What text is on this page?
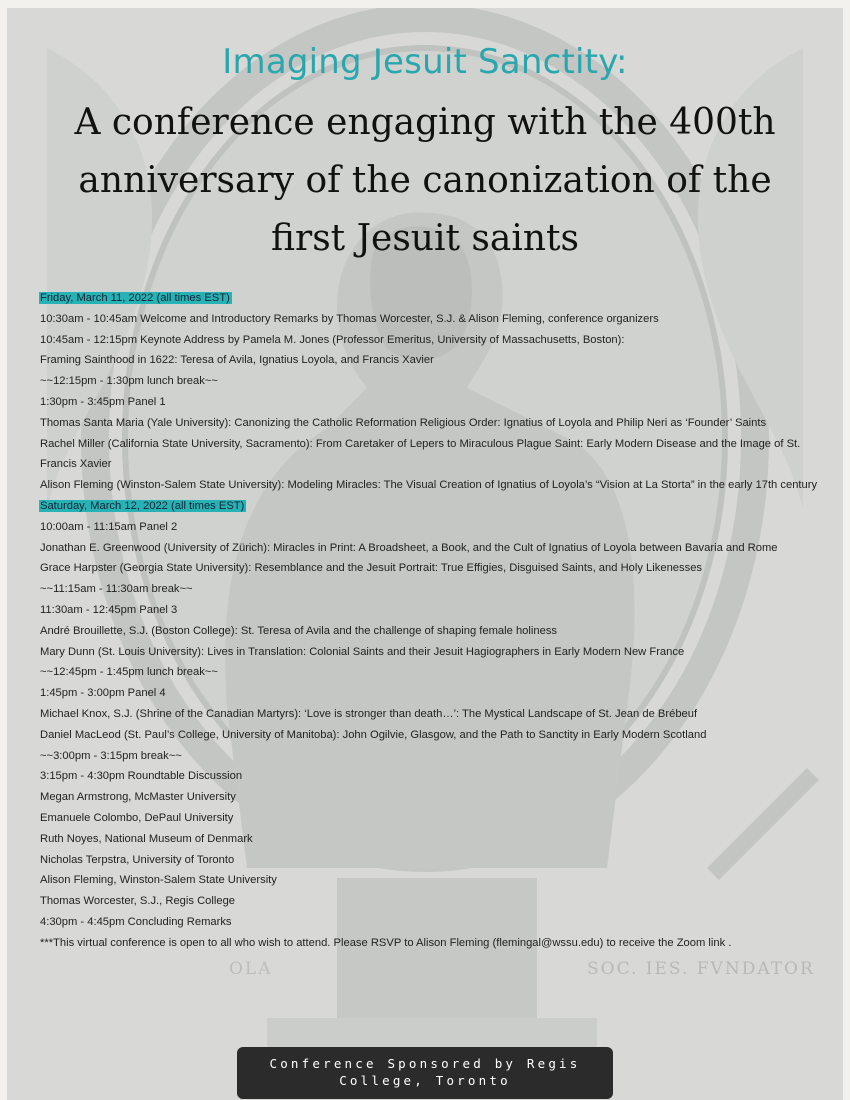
SOC. IES. FVNDATOR
OLA
Imaging Jesuit Sanctity:
A conference engaging with the 400th anniversary of the canonization of the first Jesuit saints
Friday, March 11, 2022 (all times EST)
10:30am - 10:45am Welcome and Introductory Remarks by Thomas Worcester, S.J. & Alison Fleming, conference organizers
10:45am - 12:15pm Keynote Address by Pamela M. Jones (Professor Emeritus, University of Massachusetts, Boston):
Framing Sainthood in 1622: Teresa of Avila, Ignatius Loyola, and Francis Xavier
~~12:15pm - 1:30pm lunch break~~
1:30pm - 3:45pm Panel 1
Thomas Santa Maria (Yale University): Canonizing the Catholic Reformation Religious Order: Ignatius of Loyola and Philip Neri as ‘Founder’ Saints
Rachel Miller (California State University, Sacramento): From Caretaker of Lepers to Miraculous Plague Saint: Early Modern Disease and the Image of St. Francis Xavier
Alison Fleming (Winston-Salem State University): Modeling Miracles: The Visual Creation of Ignatius of Loyola’s “Vision at La Storta” in the early 17th century
Saturday, March 12, 2022 (all times EST)
10:00am - 11:15am Panel 2
Jonathan E. Greenwood (University of Zürich): Miracles in Print: A Broadsheet, a Book, and the Cult of Ignatius of Loyola between Bavaria and Rome
Grace Harpster (Georgia State University): Resemblance and the Jesuit Portrait: True Effigies, Disguised Saints, and Holy Likenesses
~~11:15am - 11:30am break~~
11:30am - 12:45pm Panel 3
André Brouillette, S.J. (Boston College): St. Teresa of Avila and the challenge of shaping female holiness
Mary Dunn (St. Louis University): Lives in Translation: Colonial Saints and their Jesuit Hagiographers in Early Modern New France
~~12:45pm - 1:45pm lunch break~~
1:45pm - 3:00pm Panel 4
Michael Knox, S.J. (Shrine of the Canadian Martyrs): ‘Love is stronger than death…’: The Mystical Landscape of St. Jean de Brébeuf
Daniel MacLeod (St. Paul’s College, University of Manitoba): John Ogilvie, Glasgow, and the Path to Sanctity in Early Modern Scotland
~~3:00pm - 3:15pm break~~
3:15pm - 4:30pm Roundtable Discussion
Megan Armstrong, McMaster University
Emanuele Colombo, DePaul University
Ruth Noyes, National Museum of Denmark
Nicholas Terpstra, University of Toronto
Alison Fleming, Winston-Salem State University
Thomas Worcester, S.J., Regis College
4:30pm - 4:45pm Concluding Remarks
***This virtual conference is open to all who wish to attend. Please RSVP to Alison Fleming (flemingal@wssu.edu) to receive the Zoom link .
Conference Sponsored by Regis College, Toronto
